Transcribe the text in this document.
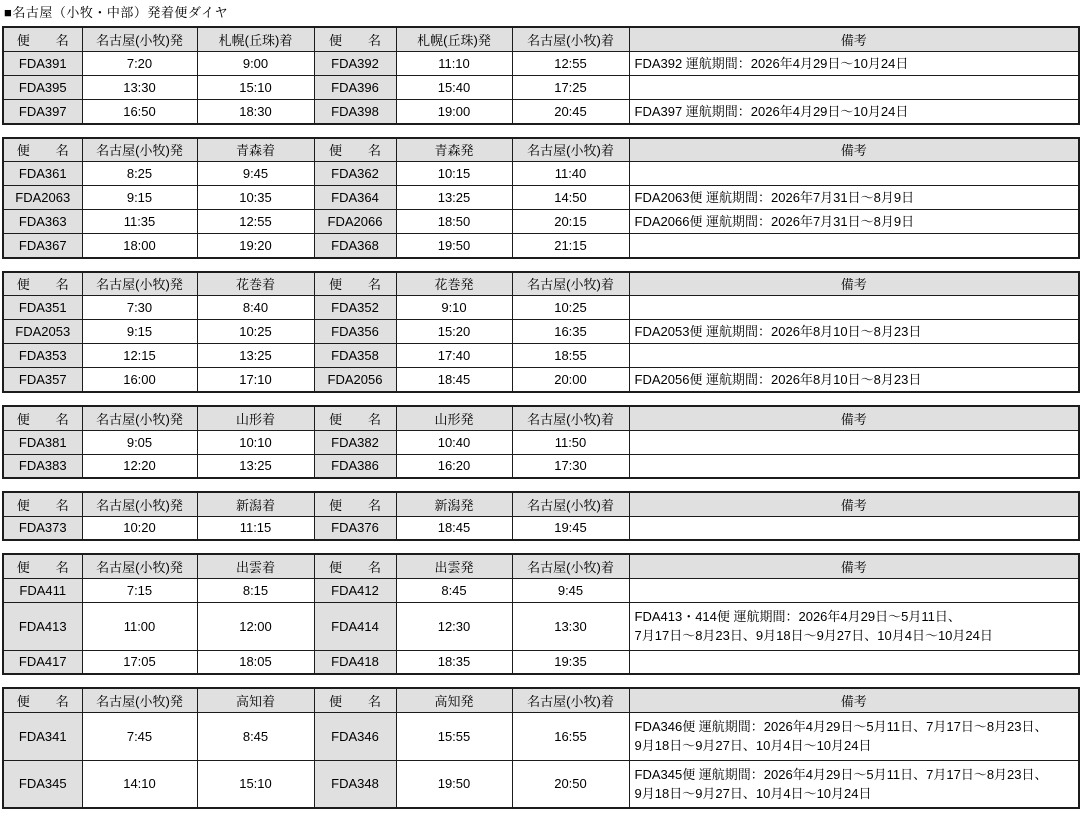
■名古屋（小牧・中部）発着便ダイヤ
便　　名	名古屋(小牧)発	札幌(丘珠)着	便　　名	札幌(丘珠)発	名古屋(小牧)着	備考
FDA391	7:20	9:00	FDA392	11:10	12:55	FDA392 運航期間：2026年4月29日～10月24日

FDA395	13:30	15:10	FDA396	15:40	17:25	
FDA397	16:50	18:30	FDA398	19:00	20:45	FDA397 運航期間：2026年4月29日～10月24日
便　　名	名古屋(小牧)発	青森着	便　　名	青森発	名古屋(小牧)着	備考
FDA361	8:25	9:45	FDA362	10:15	11:40	
FDA2063	9:15	10:35	FDA364	13:25	14:50	FDA2063便 運航期間：2026年7月31日～8月9日

FDA363	11:35	12:55	FDA2066	18:50	20:15	FDA2066便 運航期間：2026年7月31日～8月9日

FDA367	18:00	19:20	FDA368	19:50	21:15	
便　　名	名古屋(小牧)発	花巻着	便　　名	花巻発	名古屋(小牧)着	備考
FDA351	7:30	8:40	FDA352	9:10	10:25	
FDA2053	9:15	10:25	FDA356	15:20	16:35	FDA2053便 運航期間：2026年8月10日～8月23日

FDA353	12:15	13:25	FDA358	17:40	18:55	
FDA357	16:00	17:10	FDA2056	18:45	20:00	FDA2056便 運航期間：2026年8月10日～8月23日
便　　名	名古屋(小牧)発	山形着	便　　名	山形発	名古屋(小牧)着	備考
FDA381	9:05	10:10	FDA382	10:40	11:50	
FDA383	12:20	13:25	FDA386	16:20	17:30	
便　　名	名古屋(小牧)発	新潟着	便　　名	新潟発	名古屋(小牧)着	備考
FDA373	10:20	11:15	FDA376	18:45	19:45	
便　　名	名古屋(小牧)発	出雲着	便　　名	出雲発	名古屋(小牧)着	備考
FDA411	7:15	8:15	FDA412	8:45	9:45	
FDA413	11:00	12:00	FDA414	12:30	13:30	FDA413・414便 運航期間：2026年4月29日～5月11日、
7月17日～8月23日、9月18日～9月27日、10月4日～10月24日

FDA417	17:05	18:05	FDA418	18:35	19:35	
便　　名	名古屋(小牧)発	高知着	便　　名	高知発	名古屋(小牧)着	備考
FDA341	7:45	8:45	FDA346	15:55	16:55	FDA346便 運航期間：2026年4月29日～5月11日、7月17日～8月23日、
9月18日～9月27日、10月4日～10月24日

FDA345	14:10	15:10	FDA348	19:50	20:50	FDA345便 運航期間：2026年4月29日～5月11日、7月17日～8月23日、
9月18日～9月27日、10月4日～10月24日
